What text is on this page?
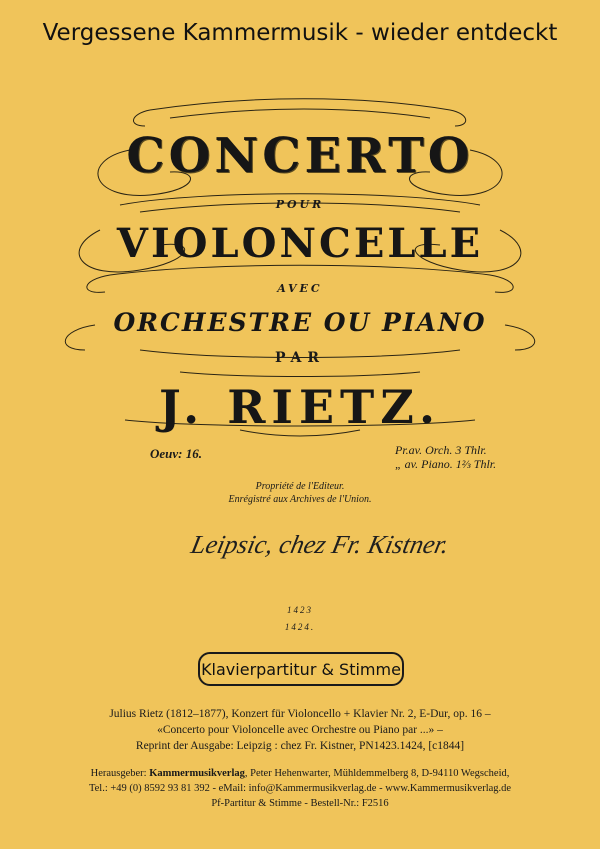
Vergessene Kammermusik - wieder entdeckt
CONCERTO
POUR
VIOLONCELLE
AVEC
ORCHESTRE OU PIANO
PAR
J. RIETZ.
Oeuv: 16.	Pr.av. Orch. 3 Thlr.
„ av. Piano. 1⅔ Thlr.
Propriété de l'Editeur.
Enrégistré aux Archives de l'Union.
Leipsic, chez Fr. Kistner.
1423
1424.
Klavierpartitur & Stimme
Julius Rietz (1812–1877), Konzert für Violoncello + Klavier Nr. 2, E-Dur, op. 16 –
«Concerto pour Violoncelle avec Orchestre ou Piano par ...» –
Reprint der Ausgabe: Leipzig : chez Fr. Kistner, PN1423.1424, [c1844]
Herausgeber: Kammermusikverlag, Peter Hehenwarter, Mühldemmelberg 8, D-94110 Wegscheid,
Tel.: +49 (0) 8592 93 81 392 - eMail: info@Kammermusikverlag.de - www.Kammermusikverlag.de
Pf-Partitur & Stimme - Bestell-Nr.: F2516
